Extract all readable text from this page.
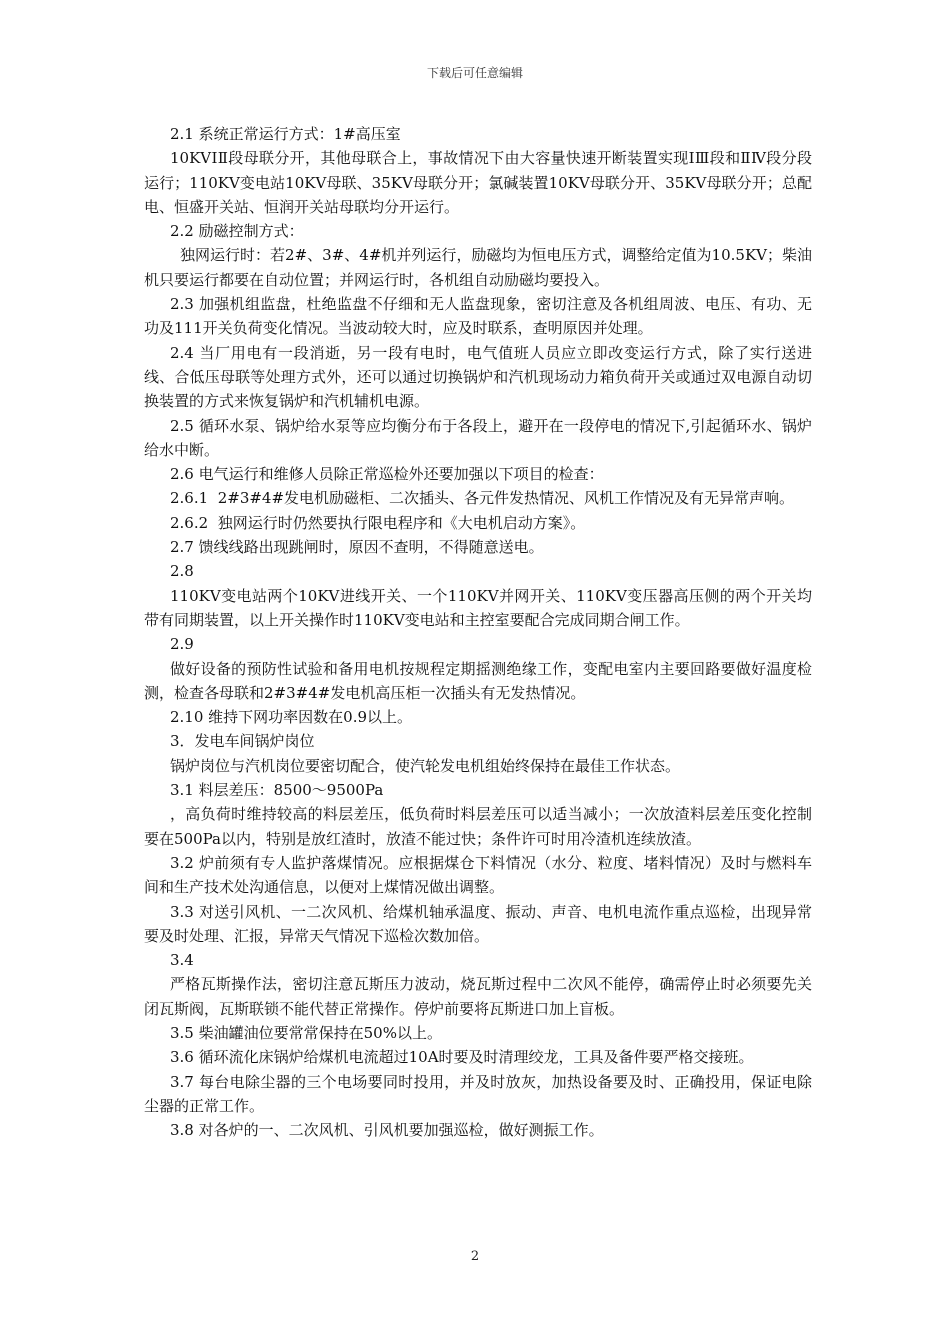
下载后可任意编辑

2.1 系统正常运行方式：1#高压室

10KVⅠⅡ段母联分开，其他母联合上，事故情况下由大容量快速开断装置实现ⅠⅢ段和ⅡⅣ段分段运行；110KV变电站10KV母联、35KV母联分开；氯碱装置10KV母联分开、35KV母联分开；总配电、恒盛开关站、恒润开关站母联均分开运行。

2.2 励磁控制方式：

独网运行时：若2#、3#、4#机并列运行，励磁均为恒电压方式，调整给定值为10.5KV；柴油机只要运行都要在自动位置；并网运行时，各机组自动励磁均要投入。

2.3 加强机组监盘，杜绝监盘不仔细和无人监盘现象，密切注意及各机组周波、电压、有功、无功及111开关负荷变化情况。当波动较大时，应及时联系，查明原因并处理。

2.4 当厂用电有一段消逝，另一段有电时，电气值班人员应立即改变运行方式，除了实行送进线、合低压母联等处理方式外，还可以通过切换锅炉和汽机现场动力箱负荷开关或通过双电源自动切换装置的方式来恢复锅炉和汽机辅机电源。

2.5 循环水泵、锅炉给水泵等应均衡分布于各段上，避开在一段停电的情况下,引起循环水、锅炉给水中断。

2.6 电气运行和维修人员除正常巡检外还要加强以下项目的检查：

2.6.1  2#3#4#发电机励磁柜、二次插头、各元件发热情况、风机工作情况及有无异常声响。

2.6.2  独网运行时仍然要执行限电程序和《大电机启动方案》。

2.7 馈线线路出现跳闸时，原因不查明，不得随意送电。

2.8

110KV变电站两个10KV进线开关、一个110KV并网开关、110KV变压器高压侧的两个开关均带有同期装置，以上开关操作时110KV变电站和主控室要配合完成同期合闸工作。

2.9

做好设备的预防性试验和备用电机按规程定期摇测绝缘工作，变配电室内主要回路要做好温度检测，检查各母联和2#3#4#发电机高压柜一次插头有无发热情况。

2.10 维持下网功率因数在0.9以上。

3．发电车间锅炉岗位

锅炉岗位与汽机岗位要密切配合，使汽轮发电机组始终保持在最佳工作状态。

3.1 料层差压：8500～9500Pa

，高负荷时维持较高的料层差压，低负荷时料层差压可以适当减小；一次放渣料层差压变化控制要在500Pa以内，特别是放红渣时，放渣不能过快；条件许可时用冷渣机连续放渣。

3.2 炉前须有专人监护落煤情况。应根据煤仓下料情况（水分、粒度、堵料情况）及时与燃料车间和生产技术处沟通信息，以便对上煤情况做出调整。

3.3 对送引风机、一二次风机、给煤机轴承温度、振动、声音、电机电流作重点巡检，出现异常要及时处理、汇报，异常天气情况下巡检次数加倍。

3.4

严格瓦斯操作法，密切注意瓦斯压力波动，烧瓦斯过程中二次风不能停，确需停止时必须要先关闭瓦斯阀，瓦斯联锁不能代替正常操作。停炉前要将瓦斯进口加上盲板。

3.5 柴油罐油位要常常保持在50%以上。

3.6 循环流化床锅炉给煤机电流超过10A时要及时清理绞龙，工具及备件要严格交接班。

3.7 每台电除尘器的三个电场要同时投用，并及时放灰，加热设备要及时、正确投用，保证电除尘器的正常工作。

3.8 对各炉的一、二次风机、引风机要加强巡检，做好测振工作。

2
